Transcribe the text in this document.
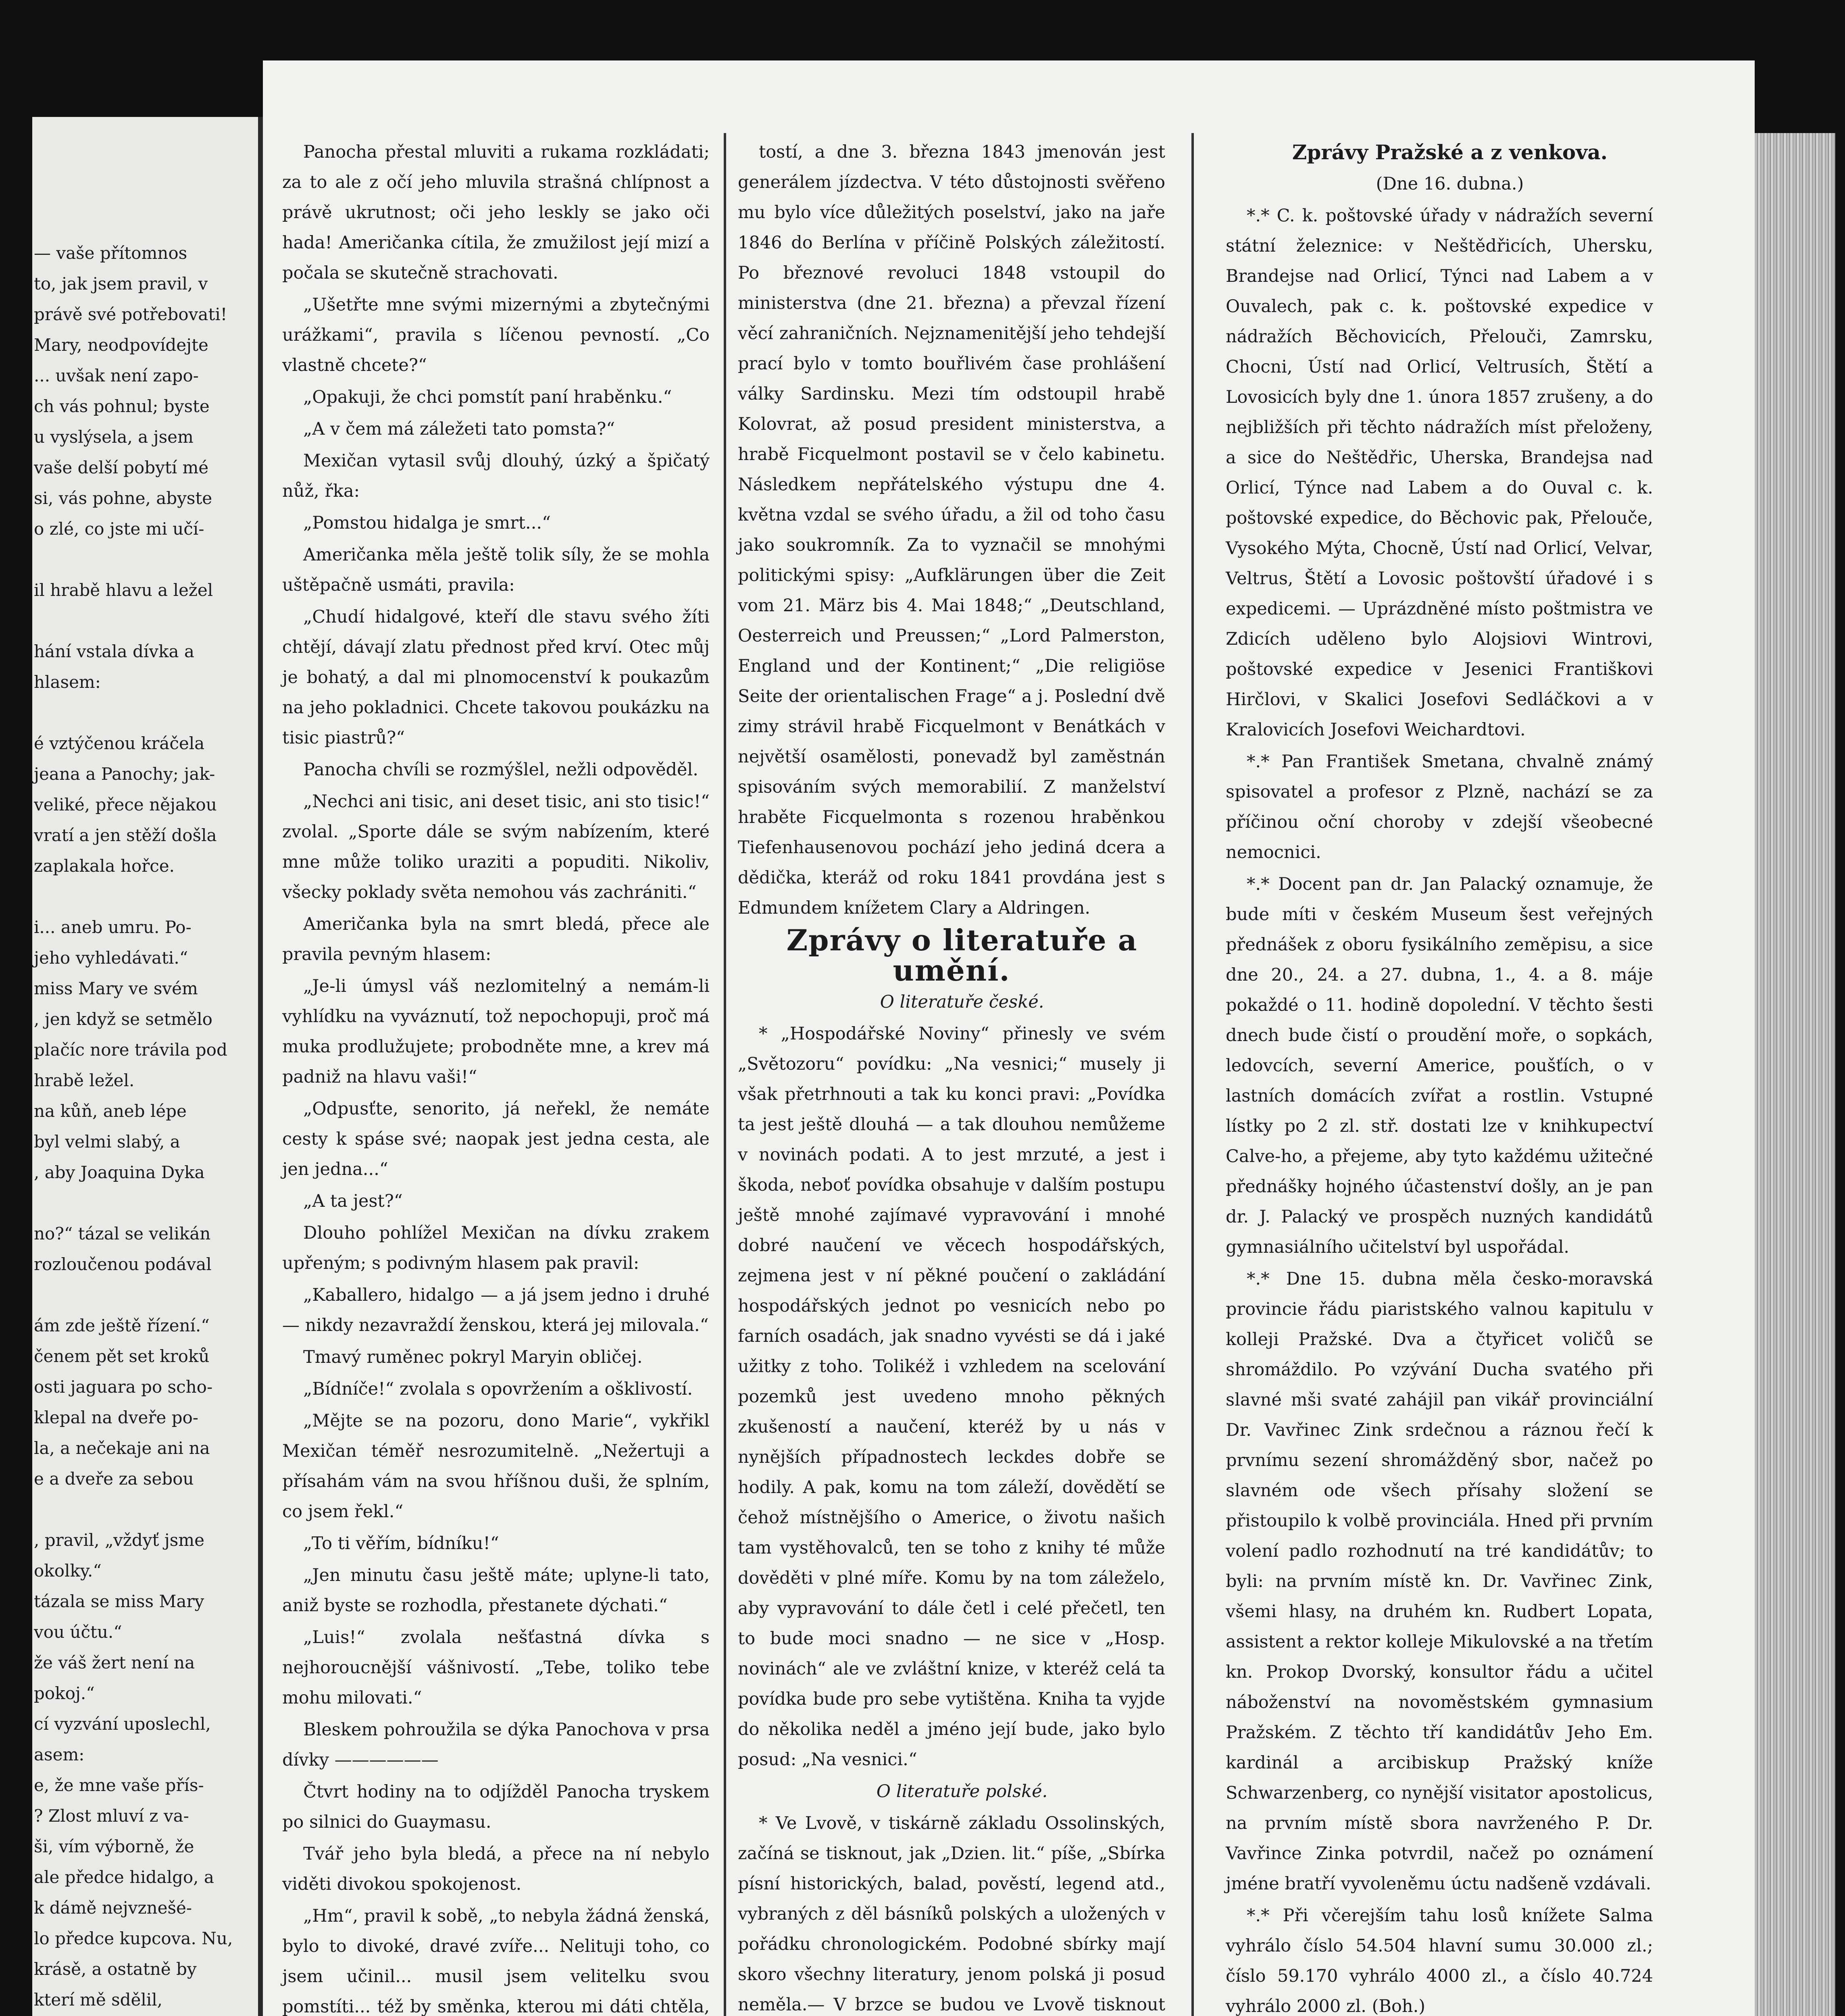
— vaše přítomnos
to, jak jsem pravil, v
právě své potřebovati!
Mary, neodpovídejte
... uvšak není zapo-
ch vás pohnul; byste
u vyslýsela, a jsem
vaše delší pobytí mé
si, vás pohne, abyste
o zlé, co jste mi učí-

il hrabě hlavu a ležel

hání vstala dívka a
hlasem:

é vztýčenou kráčela
jeana a Panochy; jak-
veliké, přece nějakou
vratí a jen stěží došla
zaplakala hořce.

i... aneb umru. Po-
jeho vyhledávati.“
miss Mary ve svém
, jen když se setmělo
plačíc nore trávila pod
hrabě ležel.
na kůň, aneb lépe
byl velmi slabý, a
, aby Joaquina Dyka

no?“ tázal se velikán
rozloučenou podával

ám zde ještě řízení.“
čenem pět set kroků
osti jaguara po scho-
klepal na dveře po-
la, a nečekaje ani na
e a dveře za sebou

, pravil, „vždyť jsme
okolky.“
tázala se miss Mary
vou účtu.“
že váš žert není na
pokoj.“
cí vyzvání uposlechl,
asem:
e, že mne vaše přís-
? Zlost mluví z va-
ši, vím výborně, že
ale předce hidalgo, a
k dámě nejvznešé-
lo předce kupcova. Nu,
krásě, a ostatně by
kterí mě sdělil,

Panocha přestal mluviti a rukama rozkládati; za to ale z očí jeho mluvila strašná chlípnost a právě ukrutnost; oči jeho leskly se jako oči hada! Američanka cítila, že zmužilost její mizí a počala se skutečně strachovati.

„Ušetřte mne svými mizernými a zbytečnými urážkami“, pravila s líčenou pevností. „Co vlastně chcete?“

„Opakuji, že chci pomstít paní hraběnku.“

„A v čem má záležeti tato pomsta?“

Mexičan vytasil svůj dlouhý, úzký a špičatý nůž, řka:

„Pomstou hidalga je smrt...“

Američanka měla ještě tolik síly, že se mohla uštěpačně usmáti, pravila:

„Chudí hidalgové, kteří dle stavu svého žíti chtějí, dávají zlatu přednost před krví. Otec můj je bohatý, a dal mi plnomocenství k poukazům na jeho pokladnici. Chcete takovou poukázku na tisic piastrů?“

Panocha chvíli se rozmýšlel, nežli odpověděl.

„Nechci ani tisic, ani deset tisic, ani sto tisic!“ zvolal. „Sporte dále se svým nabízením, které mne může toliko uraziti a popuditi. Nikoliv, všecky poklady světa nemohou vás zachrániti.“

Američanka byla na smrt bledá, přece ale pravila pevným hlasem:

„Je-li úmysl váš nezlomitelný a nemám-li vyhlídku na vyváznutí, tož nepochopuji, proč má muka prodlužujete; probodněte mne, a krev má padniž na hlavu vaši!“

„Odpusťte, senorito, já neřekl, že nemáte cesty k spáse své; naopak jest jedna cesta, ale jen jedna...“

„A ta jest?“

Dlouho pohlížel Mexičan na dívku zrakem upřeným; s podivným hlasem pak pravil:

„Kaballero, hidalgo — a já jsem jedno i druhé — nikdy nezavraždí ženskou, která jej milovala.“

Tmavý ruměnec pokryl Maryin obličej.

„Bídníče!“ zvolala s opovržením a ošklivostí.

„Mějte se na pozoru, dono Marie“, vykřikl Mexičan téměř nesrozumitelně. „Nežertuji a přísahám vám na svou hříšnou duši, že splním, co jsem řekl.“

„To ti věřím, bídníku!“

„Jen minutu času ještě máte; uplyne-li tato, aniž byste se rozhodla, přestanete dýchati.“

„Luis!“ zvolala nešťastná dívka s nejhoroucnější vášnivostí. „Tebe, toliko tebe mohu milovati.“

Bleskem pohroužila se dýka Panochova v prsa dívky ——————

Čtvrt hodiny na to odjížděl Panocha tryskem po silnici do Guaymasu.

Tvář jeho byla bledá, a přece na ní nebylo viděti divokou spokojenost.

„Hm“, pravil k sobě, „to nebyla žádná ženská, bylo to divoké, dravé zvíře... Nelituji toho, co jsem učinil... musil jsem velitelku svou pomstíti... též by směnka, kterou mi dáti chtěla,

tostí, a dne 3. března 1843 jmenován jest generálem jízdectva. V této důstojnosti svěřeno mu bylo více důležitých poselství, jako na jaře 1846 do Berlína v příčině Polských záležitostí. Po březnové revoluci 1848 vstoupil do ministerstva (dne 21. března) a převzal řízení věcí zahraničních. Nejznamenitější jeho tehdejší prací bylo v tomto bouřlivém čase prohlášení války Sardinsku. Mezi tím odstoupil hrabě Kolovrat, až posud president ministerstva, a hrabě Ficquelmont postavil se v čelo kabinetu. Následkem nepřátelského výstupu dne 4. května vzdal se svého úřadu, a žil od toho času jako soukromník. Za to vyznačil se mnohými politickými spisy: „Aufklärungen über die Zeit vom 21. März bis 4. Mai 1848;“ „Deutschland, Oesterreich und Preussen;“ „Lord Palmerston, England und der Kontinent;“ „Die religiöse Seite der orientalischen Frage“ a j. Poslední dvě zimy strávil hrabě Ficquelmont v Benátkách v největší osamělosti, ponevadž byl zaměstnán spisováním svých memorabilií. Z manželství hraběte Ficquelmonta s rozenou hraběnkou Tiefenhausenovou pochází jeho jediná dcera a dědička, kteráž od roku 1841 provdána jest s Edmundem knížetem Clary a Aldringen.

Zprávy o literatuře a umění.

O literatuře české.

* „Hospodářské Noviny“ přinesly ve svém „Světozoru“ povídku: „Na vesnici;“ musely ji však přetrhnouti a tak ku konci pravi: „Povídka ta jest ještě dlouhá — a tak dlouhou nemůžeme v novinách podati. A to jest mrzuté, a jest i škoda, neboť povídka obsahuje v dalším postupu ještě mnohé zajímavé vypravování i mnohé dobré naučení ve věcech hospodářských, zejmena jest v ní pěkné poučení o zakládání hospodářských jednot po vesnicích nebo po farních osadách, jak snadno vyvésti se dá i jaké užitky z toho. Tolikéž i vzhledem na scelování pozemků jest uvedeno mnoho pěkných zkušeností a naučení, kteréž by u nás v nynějších případnostech leckdes dobře se hodily. A pak, komu na tom záleží, dovědětí se čehož místnějšího o Americe, o životu našich tam vystěhovalců, ten se toho z knihy té může dověděti v plné míře. Komu by na tom záleželo, aby vypravování to dále četl i celé přečetl, ten to bude moci snadno — ne sice v „Hosp. novinách“ ale ve zvláštní knize, v kteréž celá ta povídka bude pro sebe vytištěna. Kniha ta vyjde do několika neděl a jméno její bude, jako bylo posud: „Na vesnici.“

O literatuře polské.

* Ve Lvově, v tiskárně základu Ossolinských, začíná se tisknout, jak „Dzien. lit.“ píše, „Sbírka písní historických, balad, pověstí, legend atd., vybraných z děl básníků polských a uložených v pořádku chronologickém. Podobné sbírky mají skoro všechny literatury, jenom polská ji posud neměla.— V brzce se budou ve Lvově tisknout

Zprávy Pražské a z venkova.

(Dne 16. dubna.)

*.* C. k. poštovské úřady v nádražích severní státní železnice: v Neštědřicích, Uhersku, Brandejse nad Orlicí, Týnci nad Labem a v Ouvalech, pak c. k. poštovské expedice v nádražích Běchovicích, Přelouči, Zamrsku, Chocni, Ústí nad Orlicí, Veltrusích, Štětí a Lovosicích byly dne 1. února 1857 zrušeny, a do nejbližších při těchto nádražích míst přeloženy, a sice do Neštědřic, Uherska, Brandejsa nad Orlicí, Týnce nad Labem a do Ouval c. k. poštovské expedice, do Běchovic pak, Přelouče, Vysokého Mýta, Chocně, Ústí nad Orlicí, Velvar, Veltrus, Štětí a Lovosic poštovští úřadové i s expedicemi. — Uprázdněné místo poštmistra ve Zdicích uděleno bylo Alojsiovi Wintrovi, poštovské expedice v Jesenici Františkovi Hirčlovi, v Skalici Josefovi Sedláčkovi a v Kralovicích Josefovi Weichardtovi.

*.* Pan František Smetana, chvalně známý spisovatel a profesor z Plzně, nachází se za příčinou oční choroby v zdejší všeobecné nemocnici.

*.* Docent pan dr. Jan Palacký oznamuje, že bude míti v českém Museum šest veřejných přednášek z oboru fysikálního zeměpisu, a sice dne 20., 24. a 27. dubna, 1., 4. a 8. máje pokaždé o 11. hodině dopolední. V těchto šesti dnech bude čistí o proudění moře, o sopkách, ledovcích, severní Americe, poušťích, o v lastních domácích zvířat a rostlin. Vstupné lístky po 2 zl. stř. dostati lze v knihkupectví Calve-ho, a přejeme, aby tyto každému užitečné přednášky hojného účastenství došly, an je pan dr. J. Palacký ve prospěch nuzných kandidátů gymnasiálního učitelství byl uspořádal.

*.* Dne 15. dubna měla česko-moravská provincie řádu piaristského valnou kapitulu v kolleji Pražské. Dva a čtyřicet voličů se shromáždilo. Po vzývání Ducha svatého při slavné mši svaté zahájil pan vikář provinciální Dr. Vavřinec Zink srdečnou a ráznou řečí k prvnímu sezení shromážděný sbor, načež po slavném ode všech přísahy složení se přistoupilo k volbě provinciála. Hned při prvním volení padlo rozhodnutí na tré kandidátův; to byli: na prvním místě kn. Dr. Vavřinec Zink, všemi hlasy, na druhém kn. Rudbert Lopata, assistent a rektor kolleje Mikulovské a na třetím kn. Prokop Dvorský, konsultor řádu a učitel náboženství na novoměstském gymnasium Pražském. Z těchto tří kandidátův Jeho Em. kardinál a arcibiskup Pražský kníže Schwarzenberg, co nynější visitator apostolicus, na prvním místě sbora navrženého P. Dr. Vavřince Zinka potvrdil, načež po oznámení jméne bratří vyvoleněmu úctu nadšeně vzdávali.

*.* Při včerejším tahu losů knížete Salma vyhrálo číslo 54.504 hlavní sumu 30.000 zl.; číslo 59.170 vyhrálo 4000 zl., a číslo 40.724 vyhrálo 2000 zl. (Boh.)
